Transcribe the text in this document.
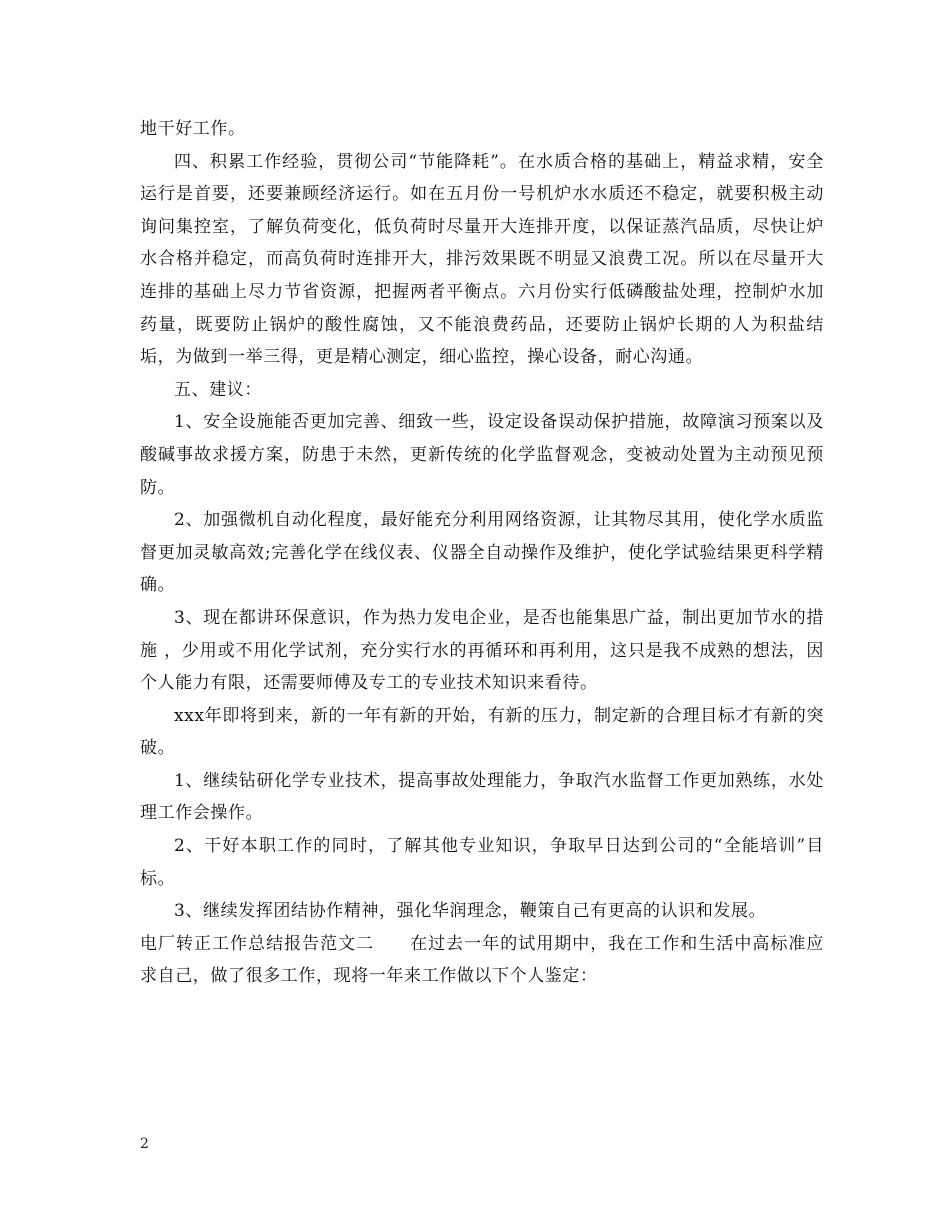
地干好工作。

四、积累工作经验，贯彻公司“节能降耗”。在水质合格的基础上，精益求精，安全运行是首要，还要兼顾经济运行。如在五月份一号机炉水水质还不稳定，就要积极主动询问集控室，了解负荷变化，低负荷时尽量开大连排开度，以保证蒸汽品质，尽快让炉水合格并稳定，而高负荷时连排开大，排污效果既不明显又浪费工况。所以在尽量开大连排的基础上尽力节省资源，把握两者平衡点。六月份实行低磷酸盐处理，控制炉水加药量，既要防止锅炉的酸性腐蚀，又不能浪费药品，还要防止锅炉长期的人为积盐结垢，为做到一举三得，更是精心测定，细心监控，操心设备，耐心沟通。

五、建议：

1、安全设施能否更加完善、细致一些，设定设备误动保护措施，故障演习预案以及酸碱事故求援方案，防患于未然，更新传统的化学监督观念，变被动处置为主动预见预防。

2、加强微机自动化程度，最好能充分利用网络资源，让其物尽其用，使化学水质监督更加灵敏高效;完善化学在线仪表、仪器全自动操作及维护，使化学试验结果更科学精确。

3、现在都讲环保意识，作为热力发电企业，是否也能集思广益，制出更加节水的措施 ，少用或不用化学试剂，充分实行水的再循环和再利用，这只是我不成熟的想法，因个人能力有限，还需要师傅及专工的专业技术知识来看待。

xxx年即将到来，新的一年有新的开始，有新的压力，制定新的合理目标才有新的突破。

1、继续钻研化学专业技术，提高事故处理能力，争取汽水监督工作更加熟练，水处理工作会操作。

2、干好本职工作的同时，了解其他专业知识，争取早日达到公司的“全能培训”目标。

3、继续发挥团结协作精神，强化华润理念，鞭策自己有更高的认识和发展。

电厂转正工作总结报告范文二　　在过去一年的试用期中，我在工作和生活中高标准应求自己，做了很多工作，现将一年来工作做以下个人鉴定：

2
